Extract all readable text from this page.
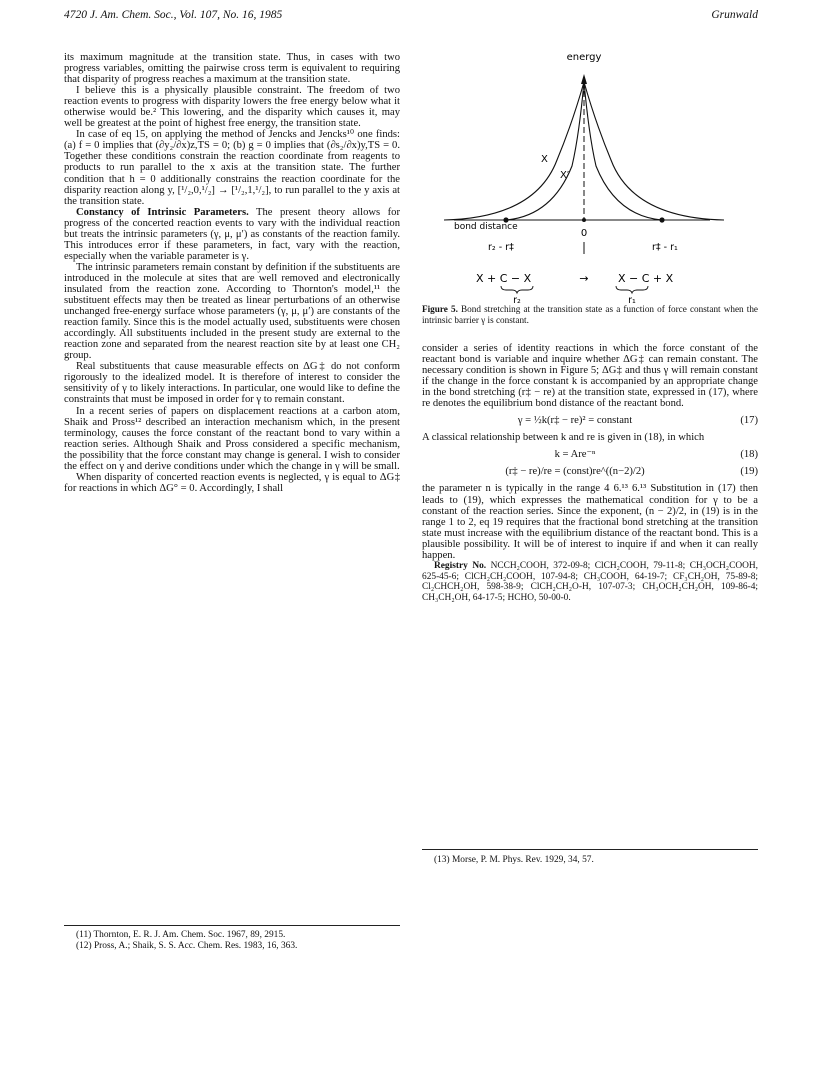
4720 J. Am. Chem. Soc., Vol. 107, No. 16, 1985	Grunwald

its maximum magnitude at the transition state. Thus, in cases with two progress variables, omitting the pairwise cross term is equivalent to requiring that disparity of progress reaches a maximum at the transition state.

I believe this is a physically plausible constraint. The freedom of two reaction events to progress with disparity lowers the free energy below what it otherwise would be.² This lowering, and the disparity which causes it, may well be greatest at the point of highest free energy, the transition state.

In case of eq 15, on applying the method of Jencks and Jencks¹⁰ one finds: (a) f = 0 implies that (∂y₂/∂x)z,TS = 0; (b) g = 0 implies that (∂s₂/∂x)y,TS = 0. Together these conditions constrain the reaction coordinate from reagents to products to run parallel to the x axis at the transition state. The further condition that h = 0 additionally constrains the reaction coordinate for the disparity reaction along y, [¹/₂,0,¹/₂] → [¹/₂,1,¹/₂], to run parallel to the y axis at the transition state.

Constancy of Intrinsic Parameters. The present theory allows for progress of the concerted reaction events to vary with the individual reaction but treats the intrinsic parameters (γ, μ, μ′) as constants of the reaction family. This introduces error if these parameters, in fact, vary with the reaction, especially when the variable parameter is γ.

The intrinsic parameters remain constant by definition if the substituents are introduced in the molecule at sites that are well removed and electronically insulated from the reaction zone. According to Thornton's model,¹¹ the substituent effects may then be treated as linear perturbations of an otherwise unchanged free-energy surface whose parameters (γ, μ, μ′) are constants of the reaction family. Since this is the model actually used, substituents were chosen accordingly. All substituents included in the present study are external to the reaction zone and separated from the nearest reaction site by at least one CH₂ group.

Real substituents that cause measurable effects on ΔG‡ do not conform rigorously to the idealized model. It is therefore of interest to consider the sensitivity of γ to likely interactions. In particular, one would like to define the constraints that must be imposed in order for γ to remain constant.

In a recent series of papers on displacement reactions at a carbon atom, Shaik and Pross¹² described an interaction mechanism which, in the present terminology, causes the force constant of the reactant bond to vary within a reaction series. Although Shaik and Pross considered a specific mechanism, the possibility that the force constant may change is general. I wish to consider the effect on γ and derive conditions under which the change in γ will be small.

When disparity of concerted reaction events is neglected, γ is equal to ΔG‡ for reactions in which ΔG° = 0. Accordingly, I shall

(11) Thornton, E. R. J. Am. Chem. Soc. 1967, 89, 2915.
(12) Pross, A.; Shaik, S. S. Acc. Chem. Res. 1983, 16, 363.
energy
X
X′
bond distance
0
r₂ - r‡	r‡ - r₁
X + C − X	→	X − C + X
r₂	r₁
Figure 5. Bond stretching at the transition state as a function of force constant when the intrinsic barrier γ is constant.

consider a series of identity reactions in which the force constant of the reactant bond is variable and inquire whether ΔG‡ can remain constant. The necessary condition is shown in Figure 5; ΔG‡ and thus γ will remain constant if the change in the force constant k is accompanied by an appropriate change in the bond stretching (r‡ − re) at the transition state, expressed in (17), where re denotes the equilibrium bond distance of the reactant bond.

γ = ½k(r‡ − re)² = constant	(17)

A classical relationship between k and re is given in (18), in which

k = Are⁻ⁿ	(18)
(r‡ − re)/re = (const)re^((n−2)/2)	(19)

the parameter n is typically in the range 4 6.¹³ 6.¹³ Substitution in (17) then leads to (19), which expresses the mathematical condition for γ to be a constant of the reaction series. Since the exponent, (n − 2)/2, in (19) is in the range 1 to 2, eq 19 requires that the fractional bond stretching at the transition state must increase with the equilibrium distance of the reactant bond. This is a plausible possibility. It will be of interest to inquire if and when it can really happen.

Registry No. NCCH₂COOH, 372-09-8; ClCH₂COOH, 79-11-8; CH₃OCH₂COOH, 625-45-6; ClCH₂CH₂COOH, 107-94-8; CH₃COOH, 64-19-7; CF₃CH₂OH, 75-89-8; Cl₂CHCH₂OH, 598-38-9; ClCH₂CH₂O-H, 107-07-3; CH₃OCH₂CH₂OH, 109-86-4; CH₃CH₂OH, 64-17-5; HCHO, 50-00-0.

(13) Morse, P. M. Phys. Rev. 1929, 34, 57.
